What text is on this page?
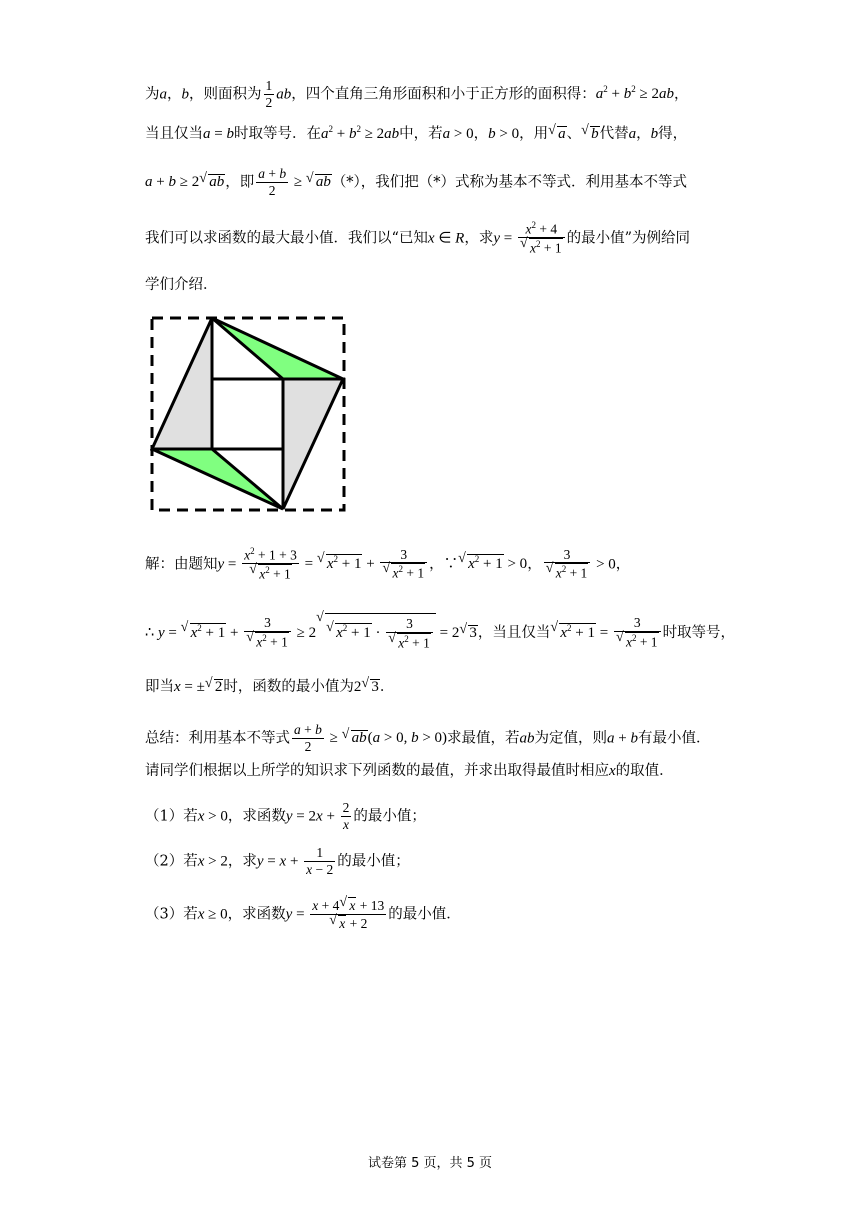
为a，b，则面积为 $\frac{1}{2}$ ab，四个直角三角形面积和小于正方形的面积得：$a^2 + b^2 \ge 2ab$，
当且仅当a = b时取等号．在$a^2 + b^2 \ge 2ab$中，若a > 0，b > 0，用√ a、√ b代替a，b得，
a + b ≥ 2√ ab，即 $\frac{a + b}{2}$ ≥ √ ab（*），我们把（*）式称为基本不等式．利用基本不等式
我们可以求函数的最大最小值．我们以“已知x ∈ R，求$y = x^2 + 4$
√ $x^2 + 1$ 的最小值”为例给同
学们介绍．
解：由题知$y = x^2 + 1 + 3$
√ $x^2 + 1$ = √ $x^2 + 1 + 3$
√ $x^2 + 1$ ，∵√ $x^2 + 1 > 0$， 3
√ $x^2 + 1 > 0$，
∴ y = √ $x^2 + 1 + 3$
√ $x^2 + 1 \ge 2√$ √ $x^2 + 1 \cdot 3$
√ $x^2 + 1 = 2√$ 3，当且仅当√ $x^2 + 1 = 3$
√ $x^2 + 1$ 时取等号，
即当x = ±√ 2时，函数的最小值为2√ 3．
总结：利用基本不等式 $\frac{a + b}{2}$ ≥ √ ab(a > 0, b > 0)求最值，若ab为定值，则a + b有最小值．
请同学们根据以上所学的知识求下列函数的最值，并求出取得最值时相应x的取值．
（1）若x > 0，求函数$y = 2x + \frac{2}{x}$ 的最小值；
（2）若x > 2，求$y = x + \frac{1}{x - 2}$ 的最小值；
（3）若x ≥ 0，求函数y = x + 4√ x + 13
√ x + 2 的最小值．
试卷第 5 页，共 5 页
